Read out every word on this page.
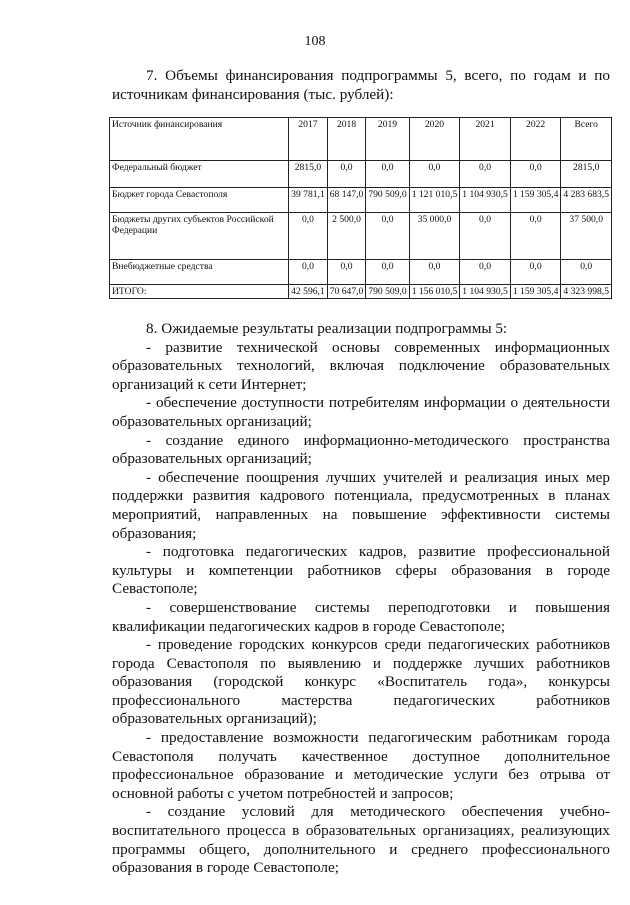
108

7. Объемы финансирования подпрограммы 5, всего, по годам и по источникам финансирования (тыс. рублей):

Источник финансирования	2017	2018	2019	2020	2021	2022	Всего
Федеральный бюджет	2815,0	0,0	0,0	0,0	0,0	0,0	2815,0
Бюджет города Севастополя	39 781,1	68 147,0	790 509,0	1 121 010,5	1 104 930,5	1 159 305,4	4 283 683,5
Бюджеты других субъектов Российской Федерации	0,0	2 500,0	0,0	35 000,0	0,0	0,0	37 500,0
Внебюджетные средства	0,0	0,0	0,0	0,0	0,0	0,0	0,0
ИТОГО:	42 596,1	70 647,0	790 509,0	1 156 010,5	1 104 930,5	1 159 305,4	4 323 998,5

8. Ожидаемые результаты реализации подпрограммы 5:

- развитие технической основы современных информационных образовательных технологий, включая подключение образовательных организаций к сети Интернет;
- обеспечение доступности потребителям информации о деятельности образовательных организаций;
- создание единого информационно-методического пространства образовательных организаций;
- обеспечение поощрения лучших учителей и реализация иных мер поддержки развития кадрового потенциала, предусмотренных в планах мероприятий, направленных на повышение эффективности системы образования;
- подготовка педагогических кадров, развитие профессиональной культуры и компетенции работников сферы образования в городе Севастополе;
- совершенствование системы переподготовки и повышения квалификации педагогических кадров в городе Севастополе;
- проведение городских конкурсов среди педагогических работников города Севастополя по выявлению и поддержке лучших работников образования (городской конкурс «Воспитатель года», конкурсы профессионального мастерства педагогических работников образовательных организаций);
- предоставление возможности педагогическим работникам города Севастополя получать качественное доступное дополнительное профессиональное образование и методические услуги без отрыва от основной работы с учетом потребностей и запросов;
- создание условий для методического обеспечения учебно-воспитательного процесса в образовательных организациях, реализующих программы общего, дополнительного и среднего профессионального образования в городе Севастополе;
